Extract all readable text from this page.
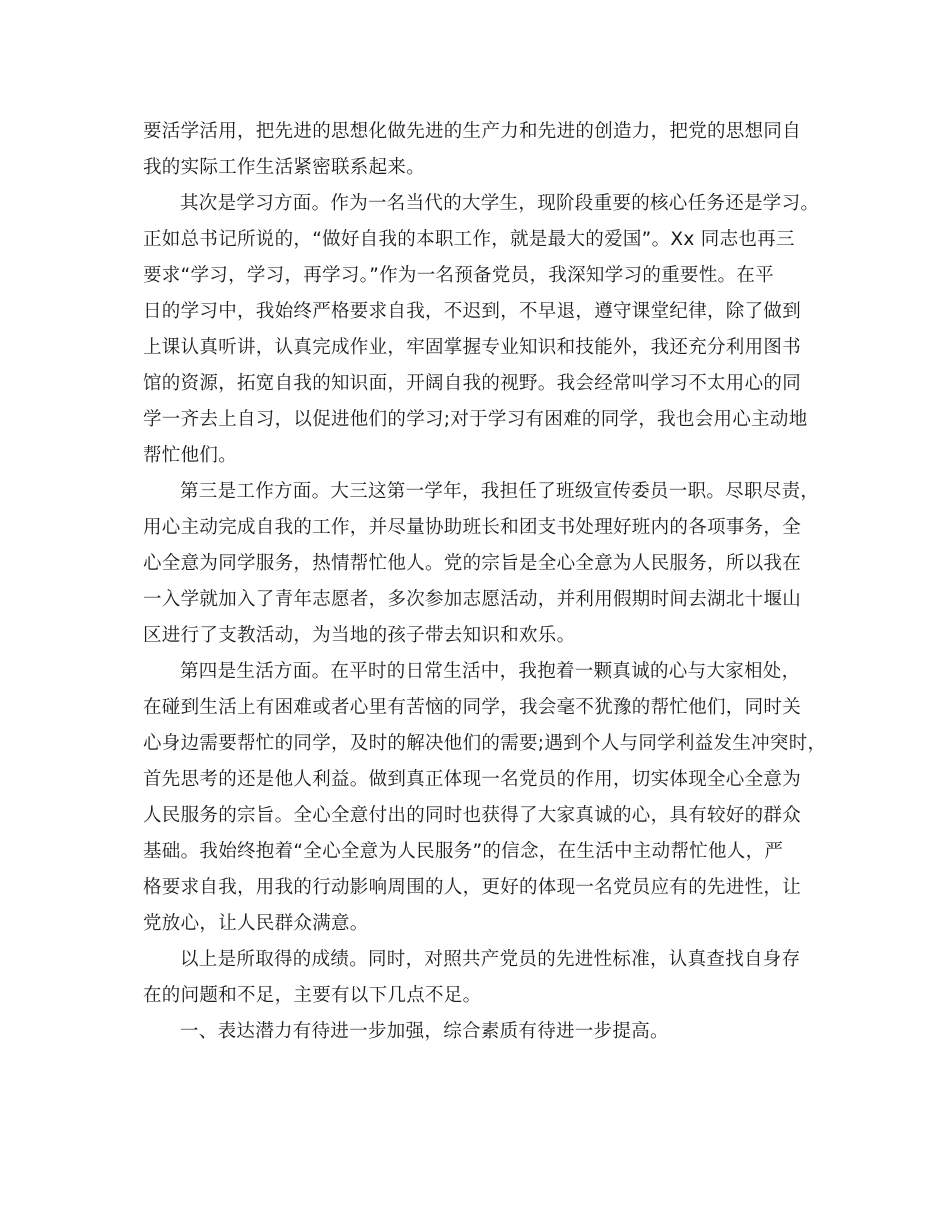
要活学活用，把先进的思想化做先进的生产力和先进的创造力，把党的思想同自

我的实际工作生活紧密联系起来。

其次是学习方面。作为一名当代的大学生，现阶段重要的核心任务还是学习。

正如总书记所说的，“做好自我的本职工作，就是最大的爱国”。Xx 同志也再三

要求“学习，学习，再学习。”作为一名预备党员，我深知学习的重要性。在平

日的学习中，我始终严格要求自我，不迟到，不早退，遵守课堂纪律，除了做到

上课认真听讲，认真完成作业，牢固掌握专业知识和技能外，我还充分利用图书

馆的资源，拓宽自我的知识面，开阔自我的视野。我会经常叫学习不太用心的同

学一齐去上自习，以促进他们的学习;对于学习有困难的同学，我也会用心主动地

帮忙他们。

第三是工作方面。大三这第一学年，我担任了班级宣传委员一职。尽职尽责，

用心主动完成自我的工作，并尽量协助班长和团支书处理好班内的各项事务，全

心全意为同学服务，热情帮忙他人。党的宗旨是全心全意为人民服务，所以我在

一入学就加入了青年志愿者，多次参加志愿活动，并利用假期时间去湖北十堰山

区进行了支教活动，为当地的孩子带去知识和欢乐。

第四是生活方面。在平时的日常生活中，我抱着一颗真诚的心与大家相处，

在碰到生活上有困难或者心里有苦恼的同学，我会毫不犹豫的帮忙他们，同时关

心身边需要帮忙的同学，及时的解决他们的需要;遇到个人与同学利益发生冲突时，

首先思考的还是他人利益。做到真正体现一名党员的作用，切实体现全心全意为

人民服务的宗旨。全心全意付出的同时也获得了大家真诚的心，具有较好的群众

基础。我始终抱着“全心全意为人民服务”的信念，在生活中主动帮忙他人，严

格要求自我，用我的行动影响周围的人，更好的体现一名党员应有的先进性，让

党放心，让人民群众满意。

以上是所取得的成绩。同时，对照共产党员的先进性标准，认真查找自身存

在的问题和不足，主要有以下几点不足。

一、表达潜力有待进一步加强，综合素质有待进一步提高。
